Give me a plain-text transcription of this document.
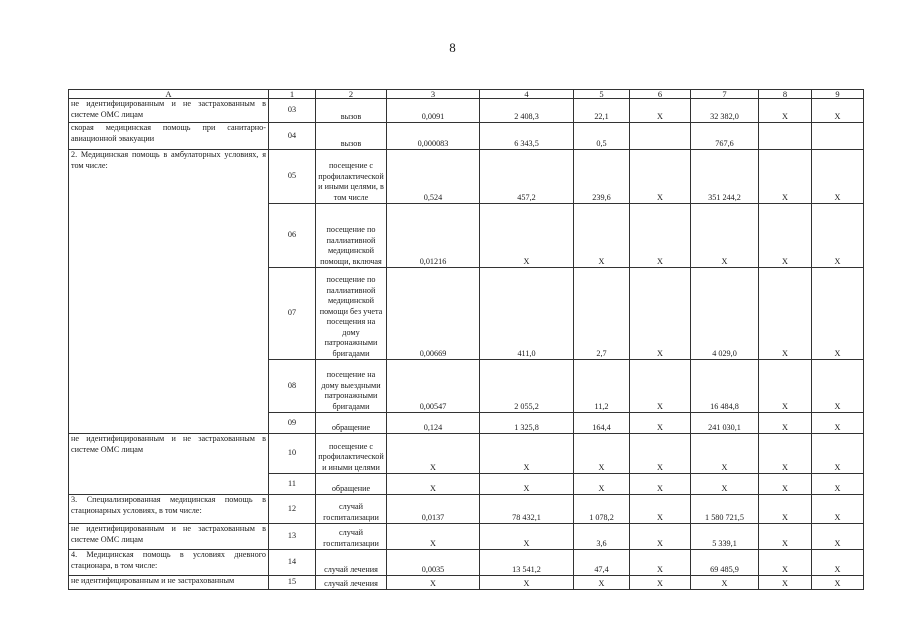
8
А	1	2	3	4	5	6	7	8	9
не идентифицированным и не застрахованным в системе ОМС лицам	03	вызов	0,0091	2 408,3	22,1	Х	32 382,0	Х	Х
скорая медицинская помощь при санитарно-авиационной эвакуации	04	вызов	0,000083	6 343,5	0,5		767,6		
2. Медицинская помощь в амбулаторных условиях, я том числе:	05	посещение с профилактической и иными целями, в том числе	0,524	457,2	239,6	Х	351 244,2	Х	Х
	06	посещение по паллиативной медицинской помощи, включая	0,01216	Х	Х	Х	Х	Х	Х
	07	посещение по паллиативной медицинской помощи без учета посещения на дому патронажными бригадами	0,00669	411,0	2,7	Х	4 029,0	Х	Х
	08	посещение на дому выездными патронажными бригадами	0,00547	2 055,2	11,2	Х	16 484,8	Х	Х
	09	обращение	0,124	1 325,8	164,4	Х	241 030,1	Х	Х
не идентифицированным и не застрахованным в системе ОМС лицам	10	посещение с профилактической и иными целями	Х	Х	Х	Х	Х	Х	Х
	11	обращение	Х	Х	Х	Х	Х	Х	Х
3. Специализированная медицинская помощь в стационарных условиях, в том числе:	12	случай госпитализации	0,0137	78 432,1	1 078,2	Х	1 580 721,5	Х	Х
не идентифицированным и не застрахованным в системе ОМС лицам	13	случай госпитализации	Х	Х	3,6	Х	5 339,1	Х	Х
4. Медицинская помощь в условиях дневного стационара, в том числе:	14	случай лечения	0,0035	13 541,2	47,4	Х	69 485,9	Х	Х
не идентифицированным и не застрахованным	15	случай лечения	Х	Х	Х	Х	Х	Х	Х
